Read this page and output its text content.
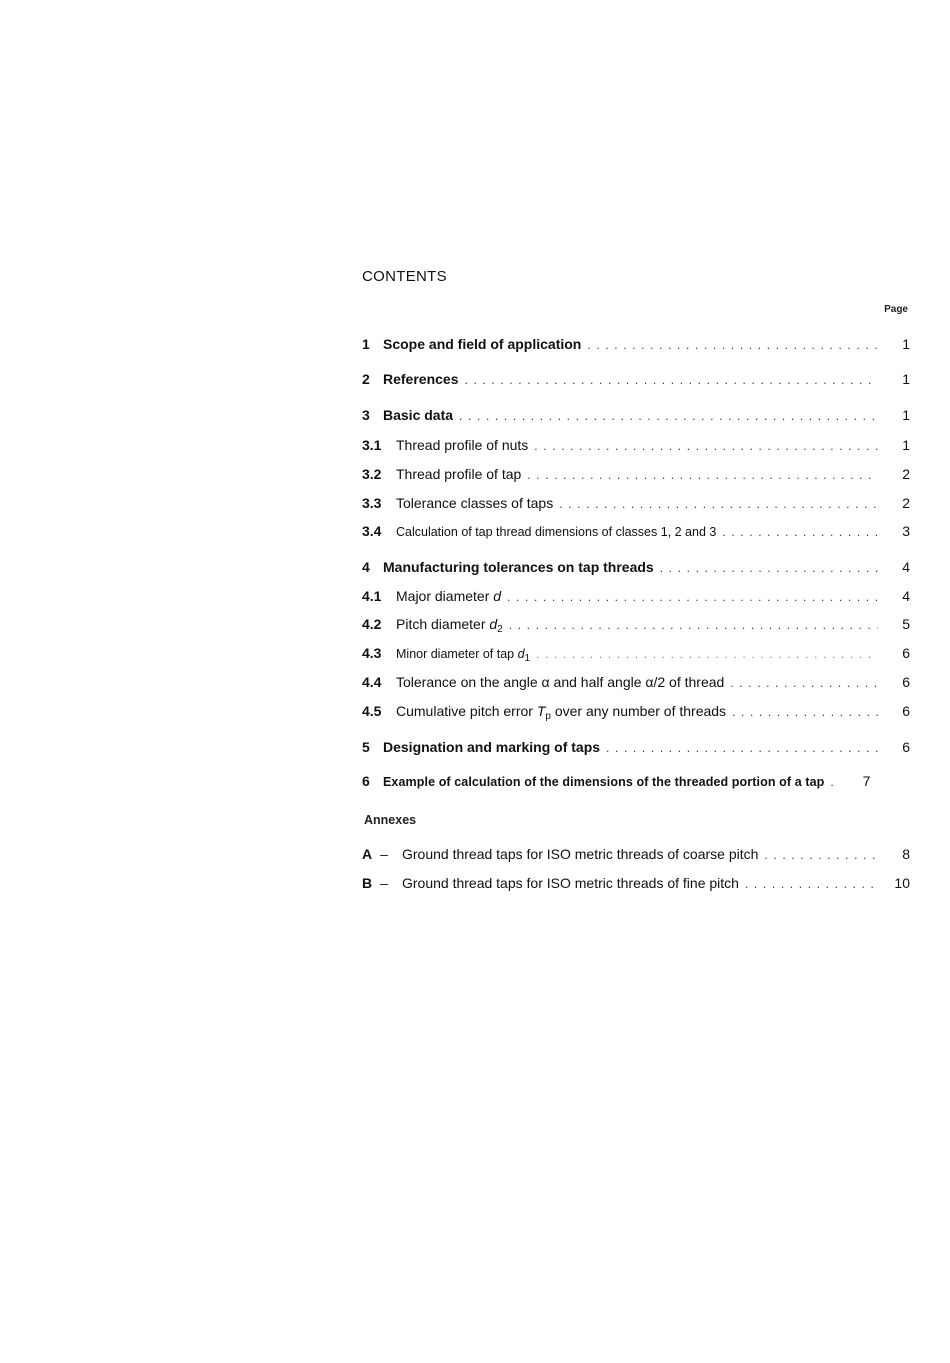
CONTENTS
Page
1 Scope and field of application . . .	1
2 References . . .	1
3 Basic data . . .	1
3.1	Thread profile of nuts . . .	1
3.2	Thread profile of tap . . .	2
3.3	Tolerance classes of taps . . .	2
3.4	Calculation of tap thread dimensions of classes 1, 2 and 3 . . .	3
4 Manufacturing tolerances on tap threads . . .	4
4.1	Major diameter d . . .	4
4.2	Pitch diameter $d_2$ . . .	5
4.3	Minor diameter of tap $d_1$ . . .	6
4.4	Tolerance on the angle α and half angle α/2 of thread . . .	6
4.5	Cumulative pitch error $T_p$ over any number of threads . . .	6
5 Designation and marking of taps . . .	6
6	Example of calculation of the dimensions of the threaded portion of a tap . . .	7
Annexes
A –	Ground thread taps for ISO metric threads of coarse pitch . . .	8
B –	Ground thread taps for ISO metric threads of fine pitch . . .	10
